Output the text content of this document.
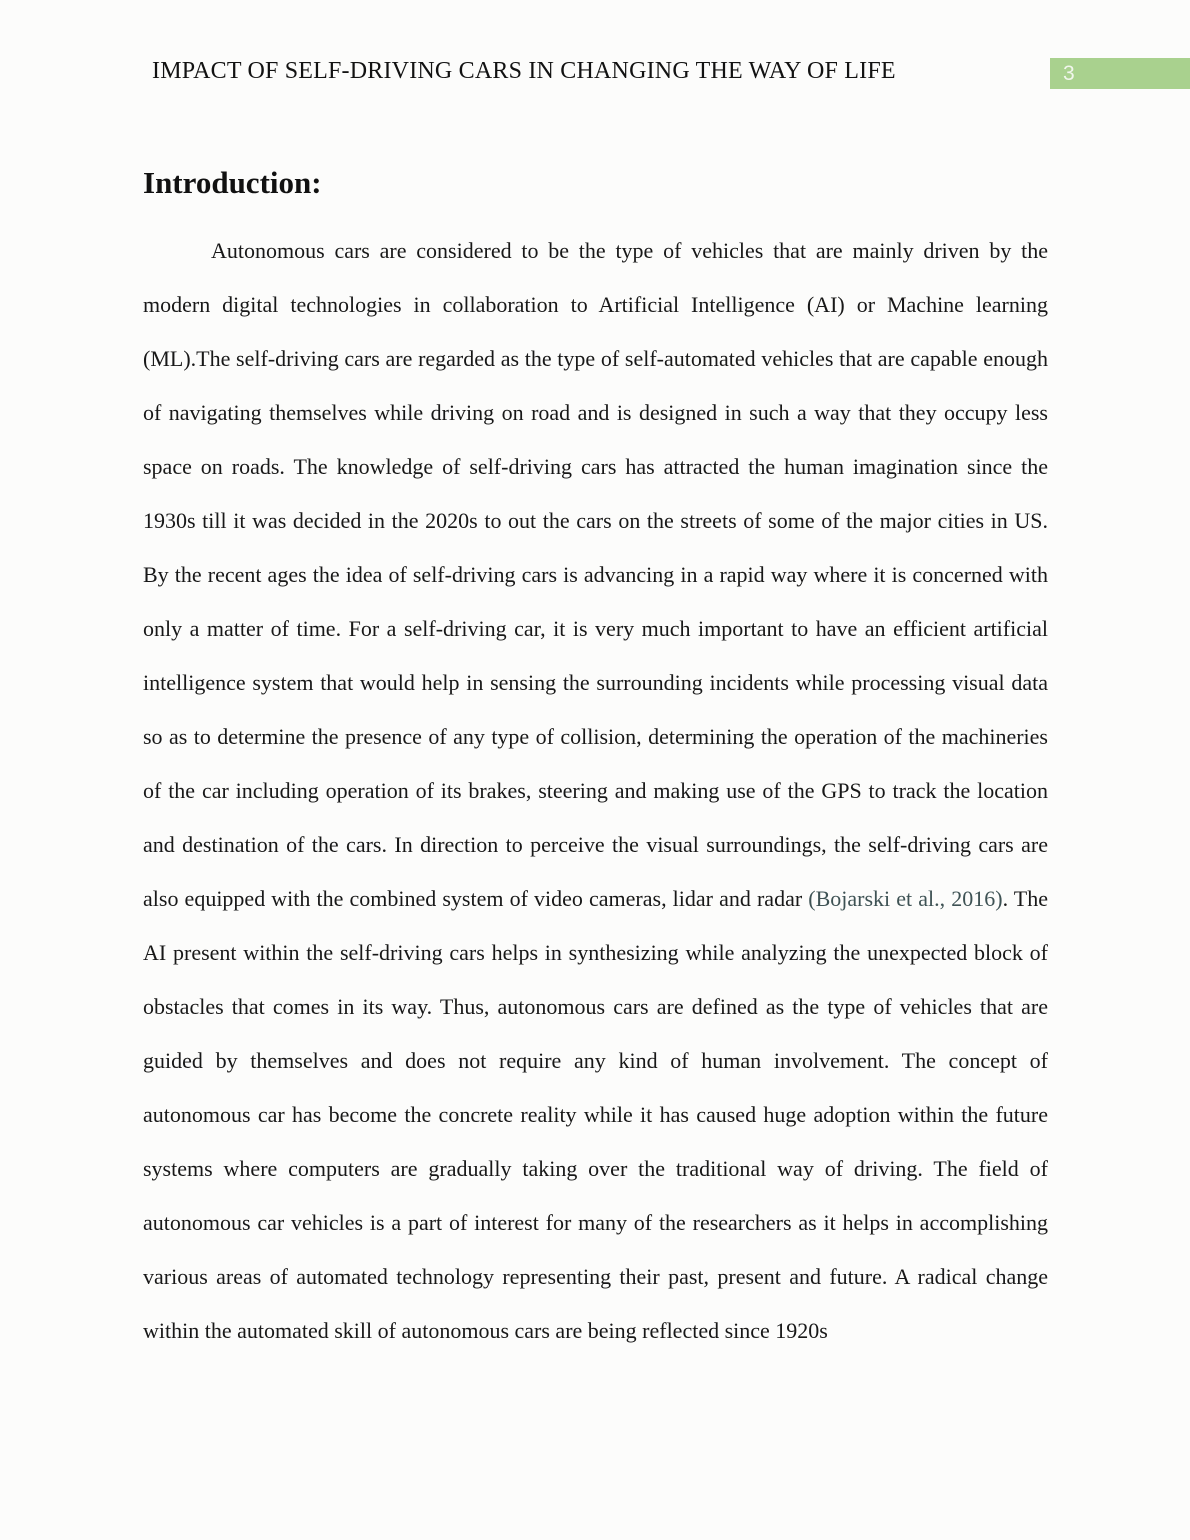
IMPACT OF SELF-DRIVING CARS IN CHANGING THE WAY OF LIFE	3
Introduction:

Autonomous cars are considered to be the type of vehicles that are mainly driven by the modern digital technologies in collaboration to Artificial Intelligence (AI) or Machine learning (ML).The self-driving cars are regarded as the type of self-automated vehicles that are capable enough of navigating themselves while driving on road and is designed in such a way that they occupy less space on roads. The knowledge of self-driving cars has attracted the human imagination since the 1930s till it was decided in the 2020s to out the cars on the streets of some of the major cities in US. By the recent ages the idea of self-driving cars is advancing in a rapid way where it is concerned with only a matter of time. For a self-driving car, it is very much important to have an efficient artificial intelligence system that would help in sensing the surrounding incidents while processing visual data so as to determine the presence of any type of collision, determining the operation of the machineries of the car including operation of its brakes, steering and making use of the GPS to track the location and destination of the cars. In direction to perceive the visual surroundings, the self-driving cars are also equipped with the combined system of video cameras, lidar and radar (Bojarski et al., 2016). The AI present within the self-driving cars helps in synthesizing while analyzing the unexpected block of obstacles that comes in its way. Thus, autonomous cars are defined as the type of vehicles that are guided by themselves and does not require any kind of human involvement. The concept of autonomous car has become the concrete reality while it has caused huge adoption within the future systems where computers are gradually taking over the traditional way of driving. The field of autonomous car vehicles is a part of interest for many of the researchers as it helps in accomplishing various areas of automated technology representing their past, present and future. A radical change within the automated skill of autonomous cars are being reflected since 1920s
